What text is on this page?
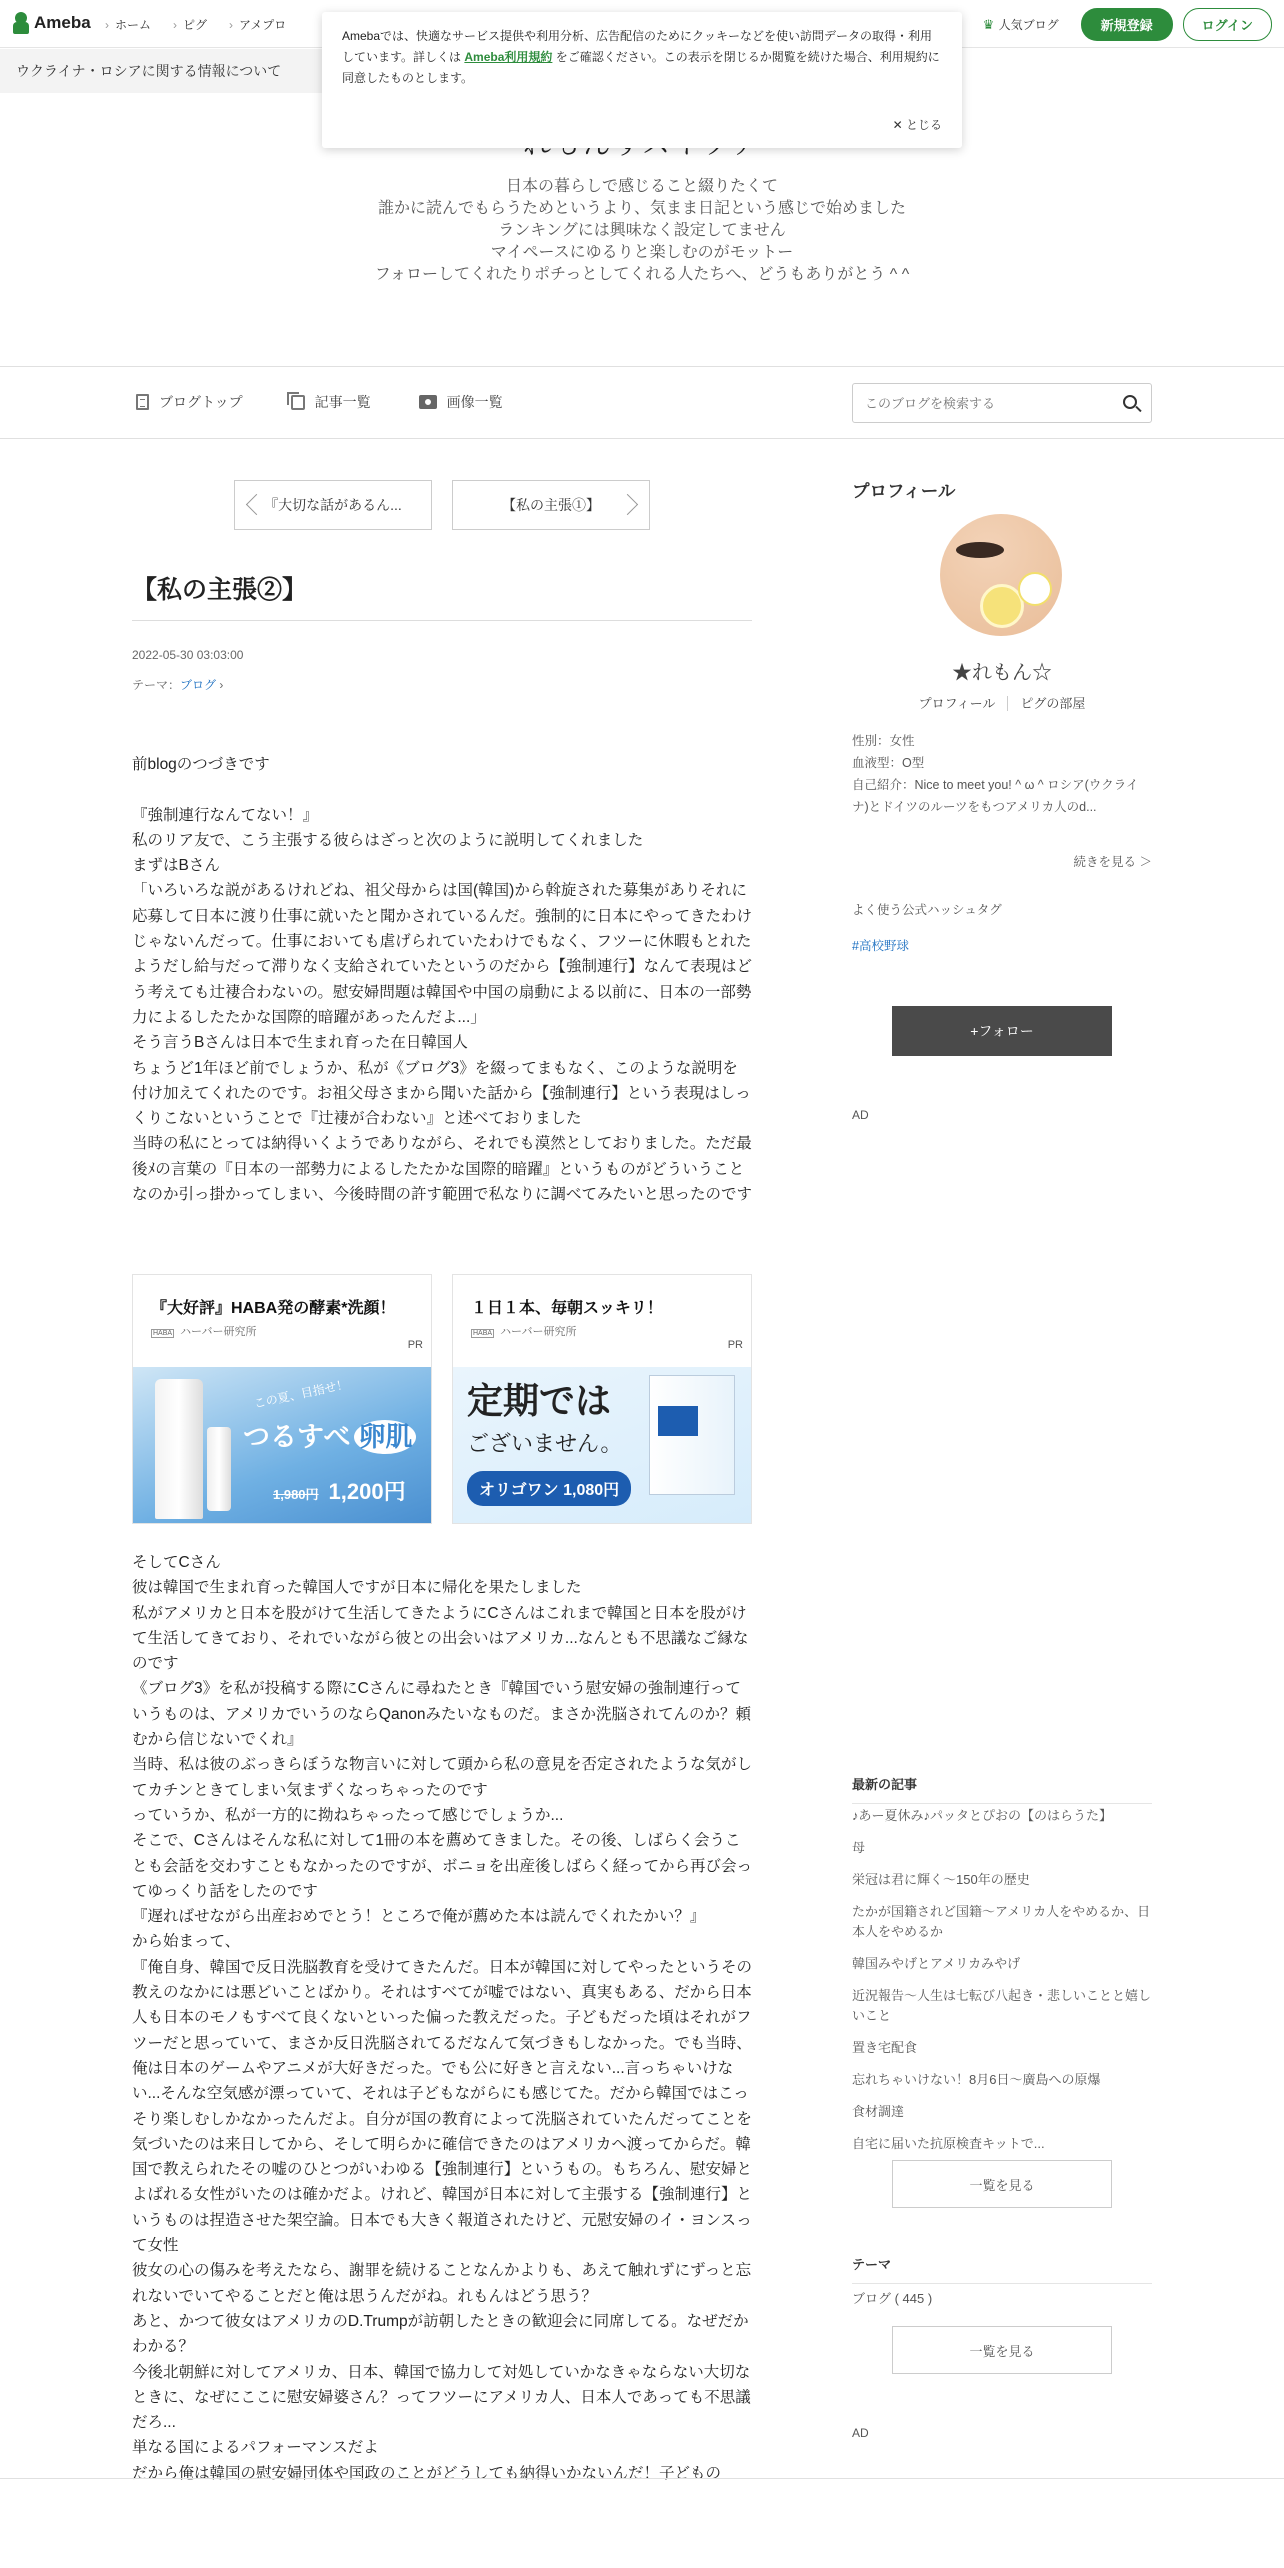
Ameba	› ホーム	› ピグ	› アメプロ	♛ 人気ブログ	新規登録	ログイン
ウクライナ・ロシアに関する情報について
Amebaでは、快適なサービス提供や利用分析、広告配信のためにクッキーなどを使い訪問データの取得・利用しています。詳しくは Ameba利用規約 をご確認ください。この表示を閉じるか閲覧を続けた場合、利用規約に同意したものとします。
✕ とじる
日本の暮らしで感じること綴りたくて
誰かに読んでもらうためというより、気まま日記という感じで始めました
ランキングには興味なく設定してません
マイペースにゆるりと楽しむのがモットー
フォローしてくれたりポチっとしてくれる人たちへ、どうもありがとう ^ ^
ブログトップ	記事一覧	画像一覧
このブログを検索する
『大切な話があるん...	【私の主張①】
【私の主張②】
2022-05-30 03:03:00
テーマ：ブログ ›

前blogのつづきです

『強制連行なんてない！』
私のリア友で、こう主張する彼らはざっと次のように説明してくれました
まずはBさん
「いろいろな説があるけれどね、祖父母からは国(韓国)から斡旋された募集がありそれに応募して日本に渡り仕事に就いたと聞かされているんだ。強制的に日本にやってきたわけじゃないんだって。仕事においても虐げられていたわけでもなく、フツーに休暇もとれたようだし給与だって滞りなく支給されていたというのだから【強制連行】なんて表現はどう考えても辻褄合わないの。慰安婦問題は韓国や中国の扇動による以前に、日本の一部勢力によるしたたかな国際的暗躍があったんだよ...」
そう言うBさんは日本で生まれ育った在日韓国人
ちょうど1年ほど前でしょうか、私が《ブログ3》を綴ってまもなく、このような説明を付け加えてくれたのです。お祖父母さまから聞いた話から【強制連行】という表現はしっくりこないということで『辻褄が合わない』と述べておりました
当時の私にとっては納得いくようでありながら、それでも漠然としておりました。ただ最後ﾒの言葉の『日本の一部勢力によるしたたかな国際的暗躍』というものがどういうことなのか引っ掛かってしまい、今後時間の許す範囲で私なりに調べてみたいと思ったのです

『大好評』HABA発の酵素*洗顔！
HABA ハーバー研究所
PR
この夏、目指せ！
つるすべ 卵肌
1,980円 1,200円
１日１本、毎朝スッキリ！
HABA ハーバー研究所
PR
定期では
ございません。
オリゴワン 1,080円

そしてCさん
彼は韓国で生まれ育った韓国人ですが日本に帰化を果たしました
私がアメリカと日本を股がけて生活してきたようにCさんはこれまで韓国と日本を股がけて生活してきており、それでいながら彼との出会いはアメリカ...なんとも不思議なご縁なのです
《ブログ3》を私が投稿する際にCさんに尋ねたとき『韓国でいう慰安婦の強制連行っていうものは、アメリカでいうのならQanonみたいなものだ。まさか洗脳されてんのか？頼むから信じないでくれ』
当時、私は彼のぶっきらぼうな物言いに対して頭から私の意見を否定されたような気がしてカチンときてしまい気まずくなっちゃったのです
っていうか、私が一方的に拗ねちゃったって感じでしょうか...
そこで、Cさんはそんな私に対して1冊の本を薦めてきました。その後、しばらく会うことも会話を交わすこともなかったのですが、ボニョを出産後しばらく経ってから再び会ってゆっくり話をしたのです
『遅ればせながら出産おめでとう！ところで俺が薦めた本は読んでくれたかい？』
から始まって、
『俺自身、韓国で反日洗脳教育を受けてきたんだ。日本が韓国に対してやったというその教えのなかには悪どいことばかり。それはすべてが嘘ではない、真実もある、だから日本人も日本のモノもすべて良くないといった偏った教えだった。子どもだった頃はそれがフツーだと思っていて、まさか反日洗脳されてるだなんて気づきもしなかった。でも当時、俺は日本のゲームやアニメが大好きだった。でも公に好きと言えない...言っちゃいけない...そんな空気感が漂っていて、それは子どもながらにも感じてた。だから韓国ではこっそり楽しむしかなかったんだよ。自分が国の教育によって洗脳されていたんだってことを気づいたのは来日してから、そして明らかに確信できたのはアメリカへ渡ってからだ。韓国で教えられたその嘘のひとつがいわゆる【強制連行】というもの。もちろん、慰安婦とよばれる女性がいたのは確かだよ。けれど、韓国が日本に対して主張する【強制連行】というものは捏造させた架空論。日本でも大きく報道されたけど、元慰安婦のイ・ヨンスって女性
彼女の心の傷みを考えたなら、謝罪を続けることなんかよりも、あえて触れずにずっと忘れないでいてやることだと俺は思うんだがね。れもんはどう思う？
あと、かつて彼女はアメリカのD.Trumpが訪朝したときの歓迎会に同席してる。なぜだかわかる？
今後北朝鮮に対してアメリカ、日本、韓国で協力して対処していかなきゃならない大切なときに、なぜにここに慰安婦婆さん？ってフツーにアメリカ人、日本人であっても不思議だろ...
単なる国によるパフォーマンスだよ
だから俺は韓国の慰安婦団体や国政のことがどうしても納得いかないんだ！子どもの

プロフィール
★れもん☆
プロフィール ピグの部屋
性別：女性
血液型：O型
自己紹介：Nice to meet you! ^ ω ^ ロシア(ウクライナ)とドイツのルーツをもつアメリカ人のd...
続きを見る ＞
よく使う公式ハッシュタグ
#高校野球
+フォロー
AD
最新の記事
♪あー夏休み♪パッタとぴおの【のはらうた】
母
栄冠は君に輝く～150年の歴史
たかが国籍されど国籍～アメリカ人をやめるか、日本人をやめるか
韓国みやげとアメリカみやげ
近況報告～人生は七転び八起き・悲しいことと嬉しいこと
置き宅配食
忘れちゃいけない！8月6日～廣島への原爆
食材調達
自宅に届いた抗原検査キットで...
一覧を見る
テーマ
ブログ ( 445 )
一覧を見る
AD
